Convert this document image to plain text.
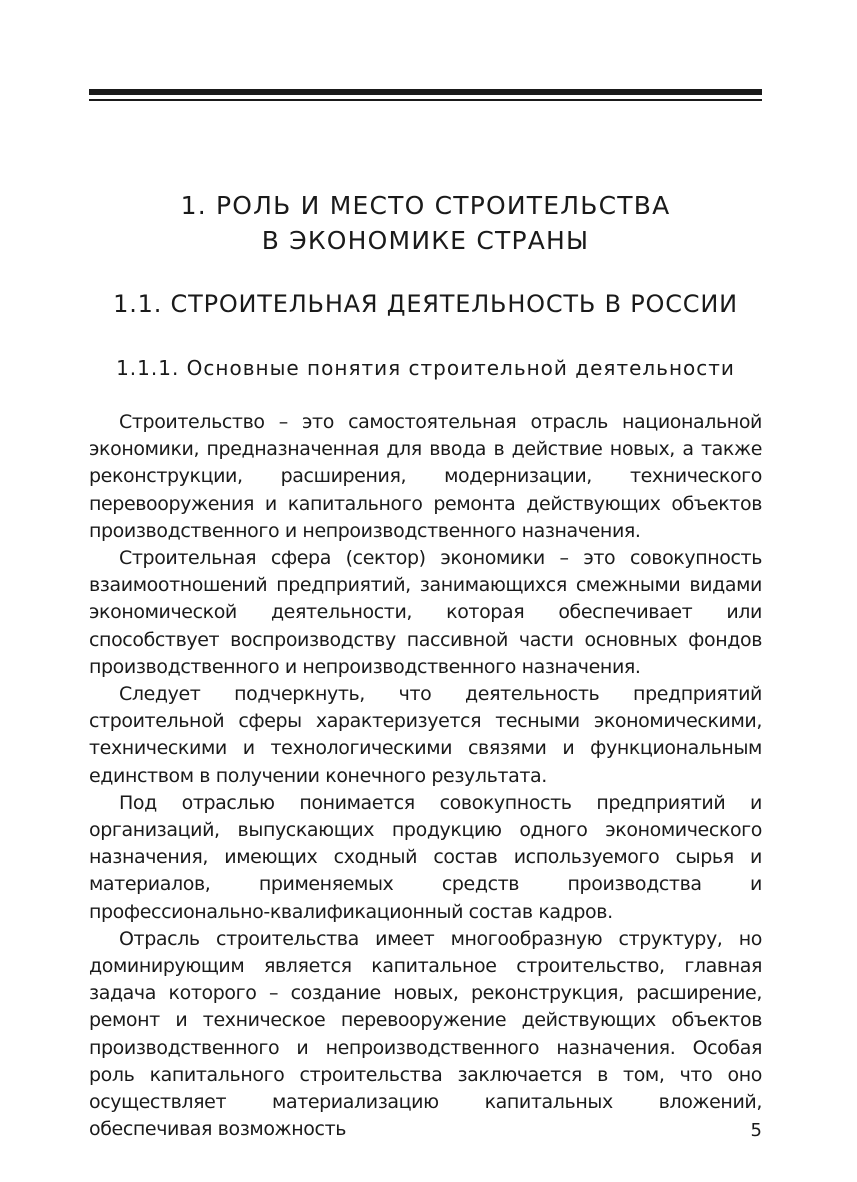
1. РОЛЬ И МЕСТО СТРОИТЕЛЬСТВА
В ЭКОНОМИКЕ СТРАНЫ
1.1. СТРОИТЕЛЬНАЯ ДЕЯТЕЛЬНОСТЬ В РОССИИ
1.1.1. Основные понятия строительной деятельности

Строительство – это самостоятельная отрасль национальной экономики, предназначенная для ввода в действие новых, а также реконструкции, расширения, модернизации, технического перевооружения и капитального ремонта действующих объектов производственного и непроизводственного назначения.

Строительная сфера (сектор) экономики – это совокупность взаимоотношений предприятий, занимающихся смежными видами экономической деятельности, которая обеспечивает или способствует воспроизводству пассивной части основных фондов производственного и непроизводственного назначения.

Следует подчеркнуть, что деятельность предприятий строительной сферы характеризуется тесными экономическими, техническими и технологическими связями и функциональным единством в получении конечного результата.

Под отраслью понимается совокупность предприятий и организаций, выпускающих продукцию одного экономического назначения, имеющих сходный состав используемого сырья и материалов, применяемых средств производства и профессионально-квалификационный состав кадров.

Отрасль строительства имеет многообразную структуру, но доминирующим является капитальное строительство, главная задача которого – создание новых, реконструкция, расширение, ремонт и техническое перевооружение действующих объектов производственного и непроизводственного назначения. Особая роль капитального строительства заключается в том, что оно осуществляет материализацию капитальных вложений, обеспечивая возможность	5
